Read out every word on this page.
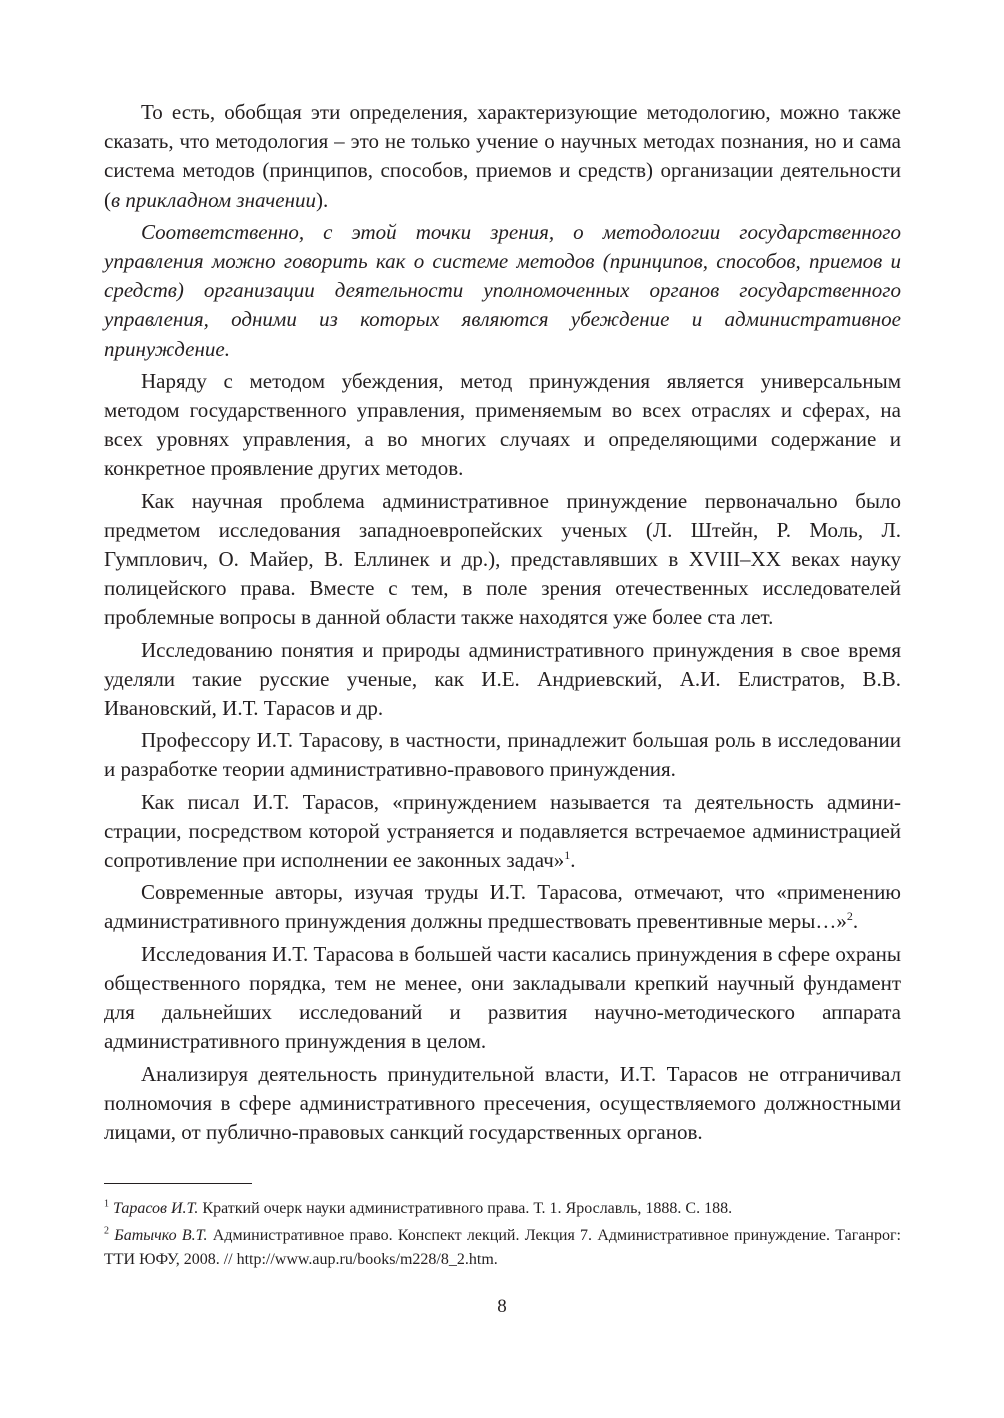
То есть, обобщая эти определения, характеризующие методологию, можно также сказать, что методология – это не только учение о научных методах познания, но и сама система методов (принципов, способов, приемов и средств) организации деятельности (в прикладном значении).

Соответственно, с этой точки зрения, о методологии государственного управления можно говорить как о системе методов (принципов, способов, приемов и средств) организации деятельности уполномоченных органов государственного управления, одними из которых являются убеждение и административное принуждение.

Наряду с методом убеждения, метод принуждения является универсальным методом государственного управления, применяемым во всех отраслях и сферах, на всех уровнях управления, а во многих случаях и определяющими содержание и конкретное проявление других методов.

Как научная проблема административное принуждение первоначально было предметом исследования западноевропейских ученых (Л. Штейн, Р. Моль, Л. Гумплович, О. Майер, В. Еллинек и др.), представлявших в XVIII–XX веках науку полицейского права. Вместе с тем, в поле зрения отечественных исследователей проблемные вопросы в данной области также находятся уже более ста лет.

Исследованию понятия и природы административного принуждения в свое время уделяли такие русские ученые, как И.Е. Андриевский, А.И. Елистратов, В.В. Ивановский, И.Т. Тарасов и др.

Профессору И.Т. Тарасову, в частности, принадлежит большая роль в исследовании и разработке теории административно-правового принуждения.

Как писал И.Т. Тарасов, «принуждением называется та деятельность администрации, посредством которой устраняется и подавляется встречаемое администрацией сопротивление при исполнении ее законных задач»$^1$.

Современные авторы, изучая труды И.Т. Тарасова, отмечают, что «применению административного принуждения должны предшествовать превентивные меры…»$^2$.

Исследования И.Т. Тарасова в большей части касались принуждения в сфере охраны общественного порядка, тем не менее, они закладывали крепкий научный фундамент для дальнейших исследований и развития научно-методического аппарата административного принуждения в целом.

Анализируя деятельность принудительной власти, И.Т. Тарасов не отграничивал полномочия в сфере административного пресечения, осуществляемого должностными лицами, от публично-правовых санкций государственных органов.

$^1$ Тарасов И.Т. Краткий очерк науки административного права. Т. 1. Ярославль, 1888. С. 188.

$^2$ Батычко В.Т. Административное право. Конспект лекций. Лекция 7. Административное принуждение. Таганрог: ТТИ ЮФУ, 2008. // http://www.aup.ru/books/m228/8_2.htm.

8
